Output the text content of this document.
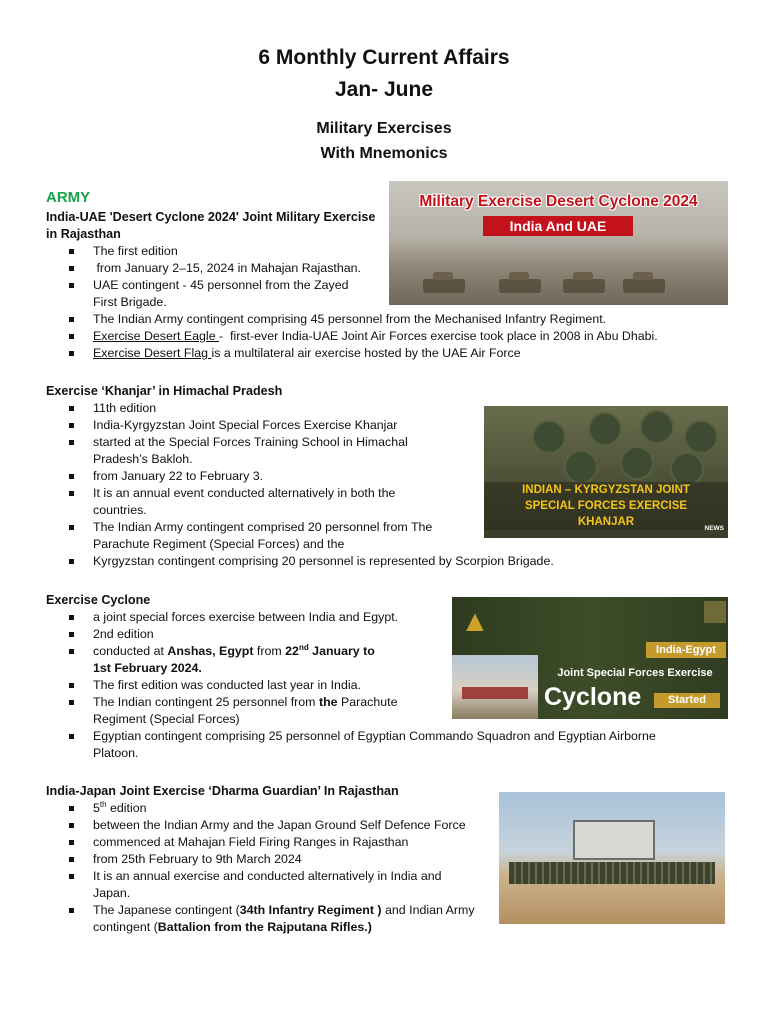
6 Monthly Current Affairs
Jan- June
Military Exercises
With Mnemonics
ARMY
India-UAE 'Desert Cyclone 2024' Joint Military Exercise
in Rajasthan
The first edition
from January 2–15, 2024 in Mahajan Rajasthan.
UAE contingent - 45 personnel from the Zayed
First Brigade.
The Indian Army contingent comprising 45 personnel from the Mechanised Infantry Regiment.
Exercise Desert Eagle -  first-ever India-UAE Joint Air Forces exercise took place in 2008 in Abu Dhabi.
Exercise Desert Flag is a multilateral air exercise hosted by the UAE Air Force
Military Exercise Desert Cyclone 2024
India And UAE
Exercise ‘Khanjar’ in Himachal Pradesh
11th edition
India-Kyrgyzstan Joint Special Forces Exercise Khanjar
started at the Special Forces Training School in Himachal
Pradesh’s Bakloh.
from January 22 to February 3.
It is an annual event conducted alternatively in both the
countries.
The Indian Army contingent comprised 20 personnel from The
Parachute Regiment (Special Forces) and the
Kyrgyzstan contingent comprising 20 personnel is represented by Scorpion Brigade.
INDIAN – KYRGYZSTAN JOINT
SPECIAL FORCES EXERCISE
KHANJAR
NEWS
Exercise Cyclone
a joint special forces exercise between India and Egypt.
2nd edition
conducted at Anshas, Egypt from 22nd January to
1st February 2024.
The first edition was conducted last year in India.
The Indian contingent 25 personnel from the Parachute
Regiment (Special Forces)
Egyptian contingent comprising 25 personnel of Egyptian Commando Squadron and Egyptian Airborne
Platoon.
▲
India-Egypt
Joint Special Forces Exercise
Cyclone	Started
India-Japan Joint Exercise ‘Dharma Guardian’ In Rajasthan
5th edition
between the Indian Army and the Japan Ground Self Defence Force
commenced at Mahajan Field Firing Ranges in Rajasthan
from 25th February to 9th March 2024
It is an annual exercise and conducted alternatively in India and
Japan.
The Japanese contingent (34th Infantry Regiment ) and Indian Army
contingent (Battalion from the Rajputana Rifles.)
